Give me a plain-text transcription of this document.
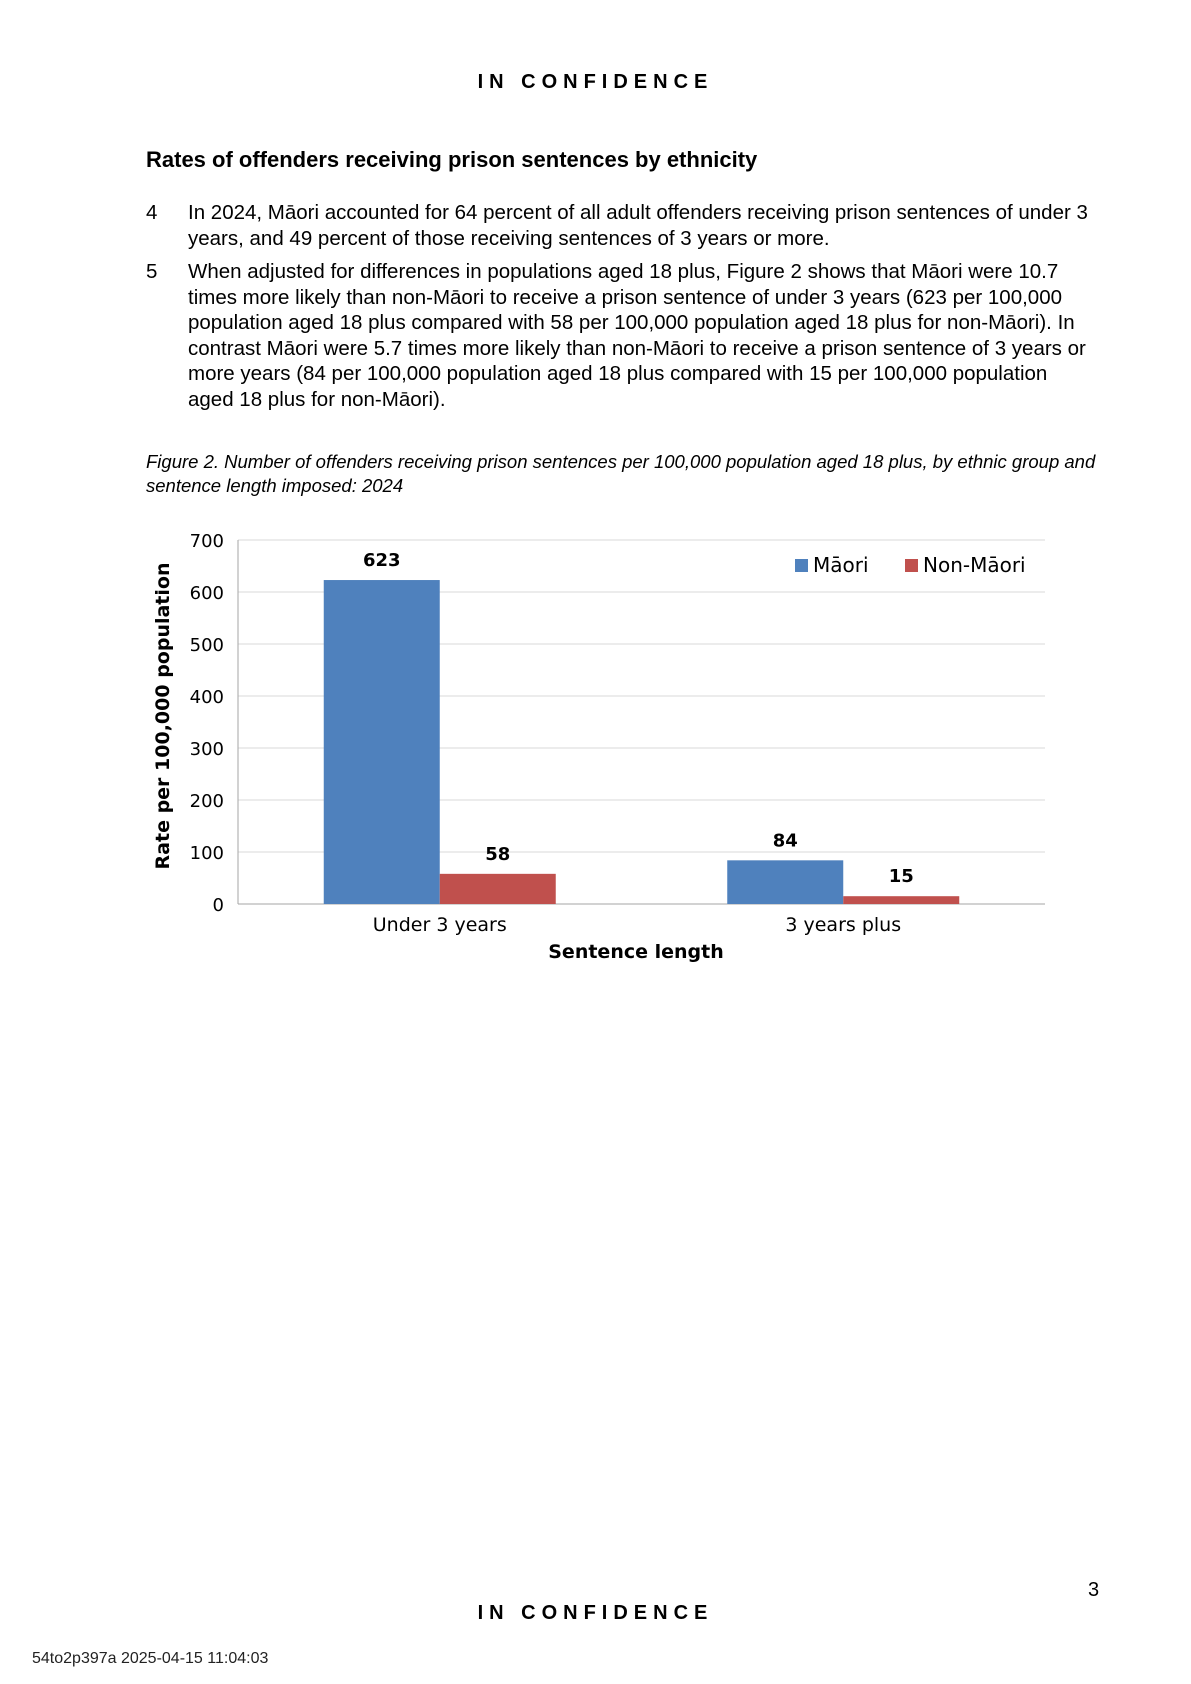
IN CONFIDENCE
Rates of offenders receiving prison sentences by ethnicity
4 In 2024, Māori accounted for 64 percent of all adult offenders receiving prison sentences of under 3 years, and 49 percent of those receiving sentences of 3 years or more.
5 When adjusted for differences in populations aged 18 plus, Figure 2 shows that Māori were 10.7 times more likely than non-Māori to receive a prison sentence of under 3 years (623 per 100,000 population aged 18 plus compared with 58 per 100,000 population aged 18 plus for non-Māori). In contrast Māori were 5.7 times more likely than non-Māori to receive a prison sentence of 3 years or more years (84 per 100,000 population aged 18 plus compared with 15 per 100,000 population aged 18 plus for non-Māori).
Figure 2. Number of offenders receiving prison sentences per 100,000 population aged 18 plus, by ethnic group and sentence length imposed: 2024
0
100
200
300
400
500
600
700
623
58
84
15
Under 3 years	3 years plus
Rate per 100,000 population
Sentence length
Māori	Non-Māori
3
IN CONFIDENCE
54to2p397a 2025-04-15 11:04:03
